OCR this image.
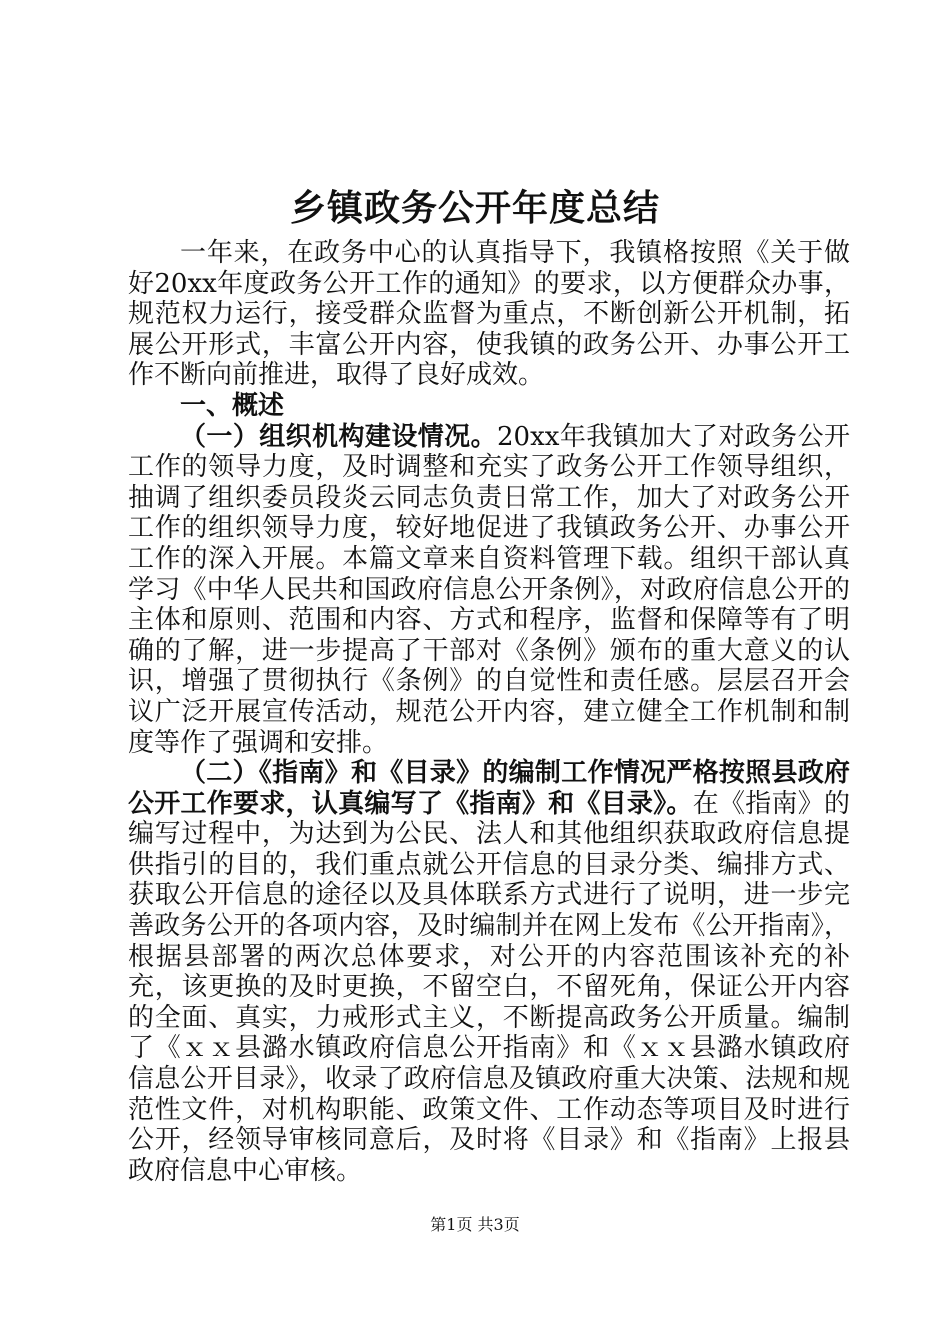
乡镇政务公开年度总结

一年来，在政务中心的认真指导下，我镇格按照《关于做好20xx年度政务公开工作的通知》的要求，以方便群众办事，规范权力运行，接受群众监督为重点，不断创新公开机制，拓展公开形式，丰富公开内容，使我镇的政务公开、办事公开工作不断向前推进，取得了良好成效。

一、概述

（一）组织机构建设情况。20xx年我镇加大了对政务公开工作的领导力度，及时调整和充实了政务公开工作领导组织，抽调了组织委员段炎云同志负责日常工作，加大了对政务公开工作的组织领导力度，较好地促进了我镇政务公开、办事公开工作的深入开展。本篇文章来自资料管理下载。组织干部认真学习《中华人民共和国政府信息公开条例》，对政府信息公开的主体和原则、范围和内容、方式和程序，监督和保障等有了明确的了解，进一步提高了干部对《条例》颁布的重大意义的认识，增强了贯彻执行《条例》的自觉性和责任感。层层召开会议广泛开展宣传活动，规范公开内容，建立健全工作机制和制度等作了强调和安排。

（二）《指南》和《目录》的编制工作情况严格按照县政府公开工作要求，认真编写了《指南》和《目录》。在《指南》的编写过程中，为达到为公民、法人和其他组织获取政府信息提供指引的目的，我们重点就公开信息的目录分类、编排方式、获取公开信息的途径以及具体联系方式进行了说明，进一步完善政务公开的各项内容，及时编制并在网上发布《公开指南》，根据县部署的两次总体要求，对公开的内容范围该补充的补充，该更换的及时更换，不留空白，不留死角，保证公开内容的全面、真实，力戒形式主义，不断提高政务公开质量。编制了《ｘｘ县潞水镇政府信息公开指南》和《ｘｘ县潞水镇政府信息公开目录》，收录了政府信息及镇政府重大决策、法规和规范性文件，对机构职能、政策文件、工作动态等项目及时进行公开，经领导审核同意后，及时将《目录》和《指南》上报县政府信息中心审核。

第1页 共3页
